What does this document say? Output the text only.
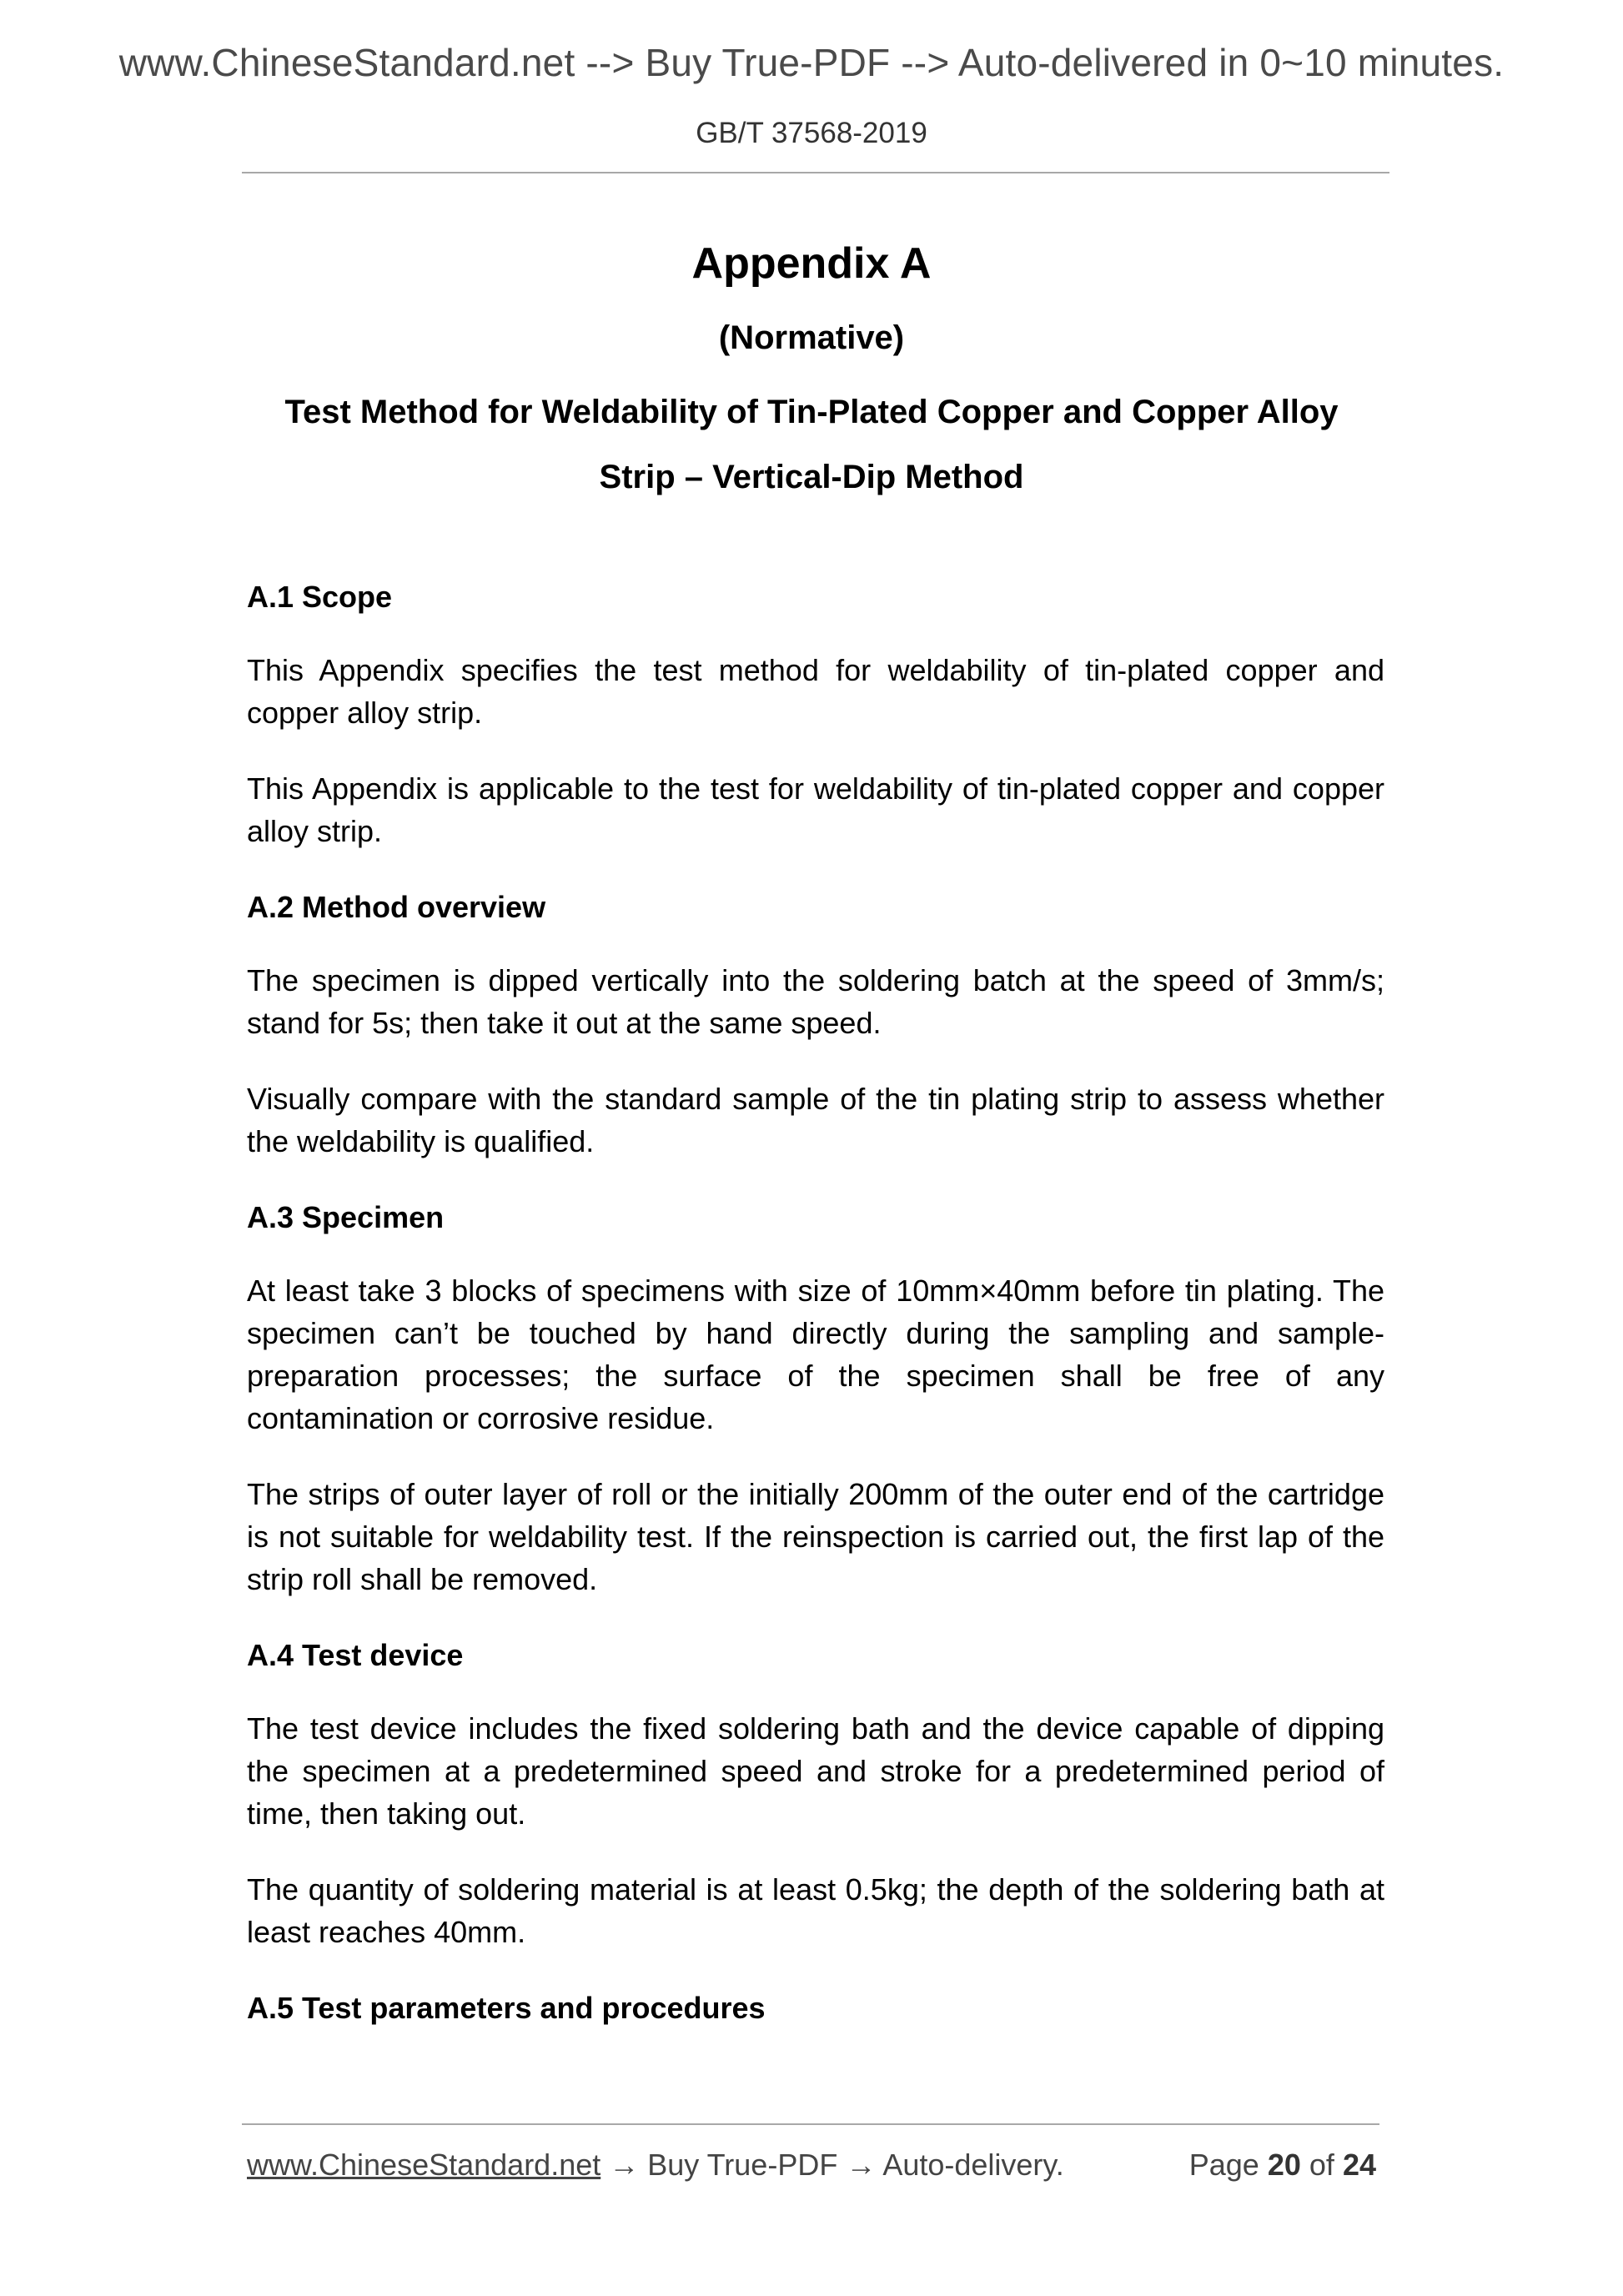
www.ChineseStandard.net --> Buy True-PDF --> Auto-delivered in 0~10 minutes.
GB/T 37568-2019
Appendix A
(Normative)
Test Method for Weldability of Tin-Plated Copper and Copper Alloy
Strip – Vertical-Dip Method
A.1 Scope

This Appendix specifies the test method for weldability of tin-plated copper and copper alloy strip.

This Appendix is applicable to the test for weldability of tin-plated copper and copper alloy strip.

A.2 Method overview

The specimen is dipped vertically into the soldering batch at the speed of 3mm/s; stand for 5s; then take it out at the same speed.

Visually compare with the standard sample of the tin plating strip to assess whether the weldability is qualified.

A.3 Specimen

At least take 3 blocks of specimens with size of 10mm×40mm before tin plating. The specimen can’t be touched by hand directly during the sampling and sample-preparation processes; the surface of the specimen shall be free of any contamination or corrosive residue.

The strips of outer layer of roll or the initially 200mm of the outer end of the cartridge is not suitable for weldability test. If the reinspection is carried out, the first lap of the strip roll shall be removed.

A.4 Test device

The test device includes the fixed soldering bath and the device capable of dipping the specimen at a predetermined speed and stroke for a predetermined period of time, then taking out.

The quantity of soldering material is at least 0.5kg; the depth of the soldering bath at least reaches 40mm.

A.5 Test parameters and procedures
www.ChineseStandard.net → Buy True-PDF → Auto-delivery.	Page 20 of 24
